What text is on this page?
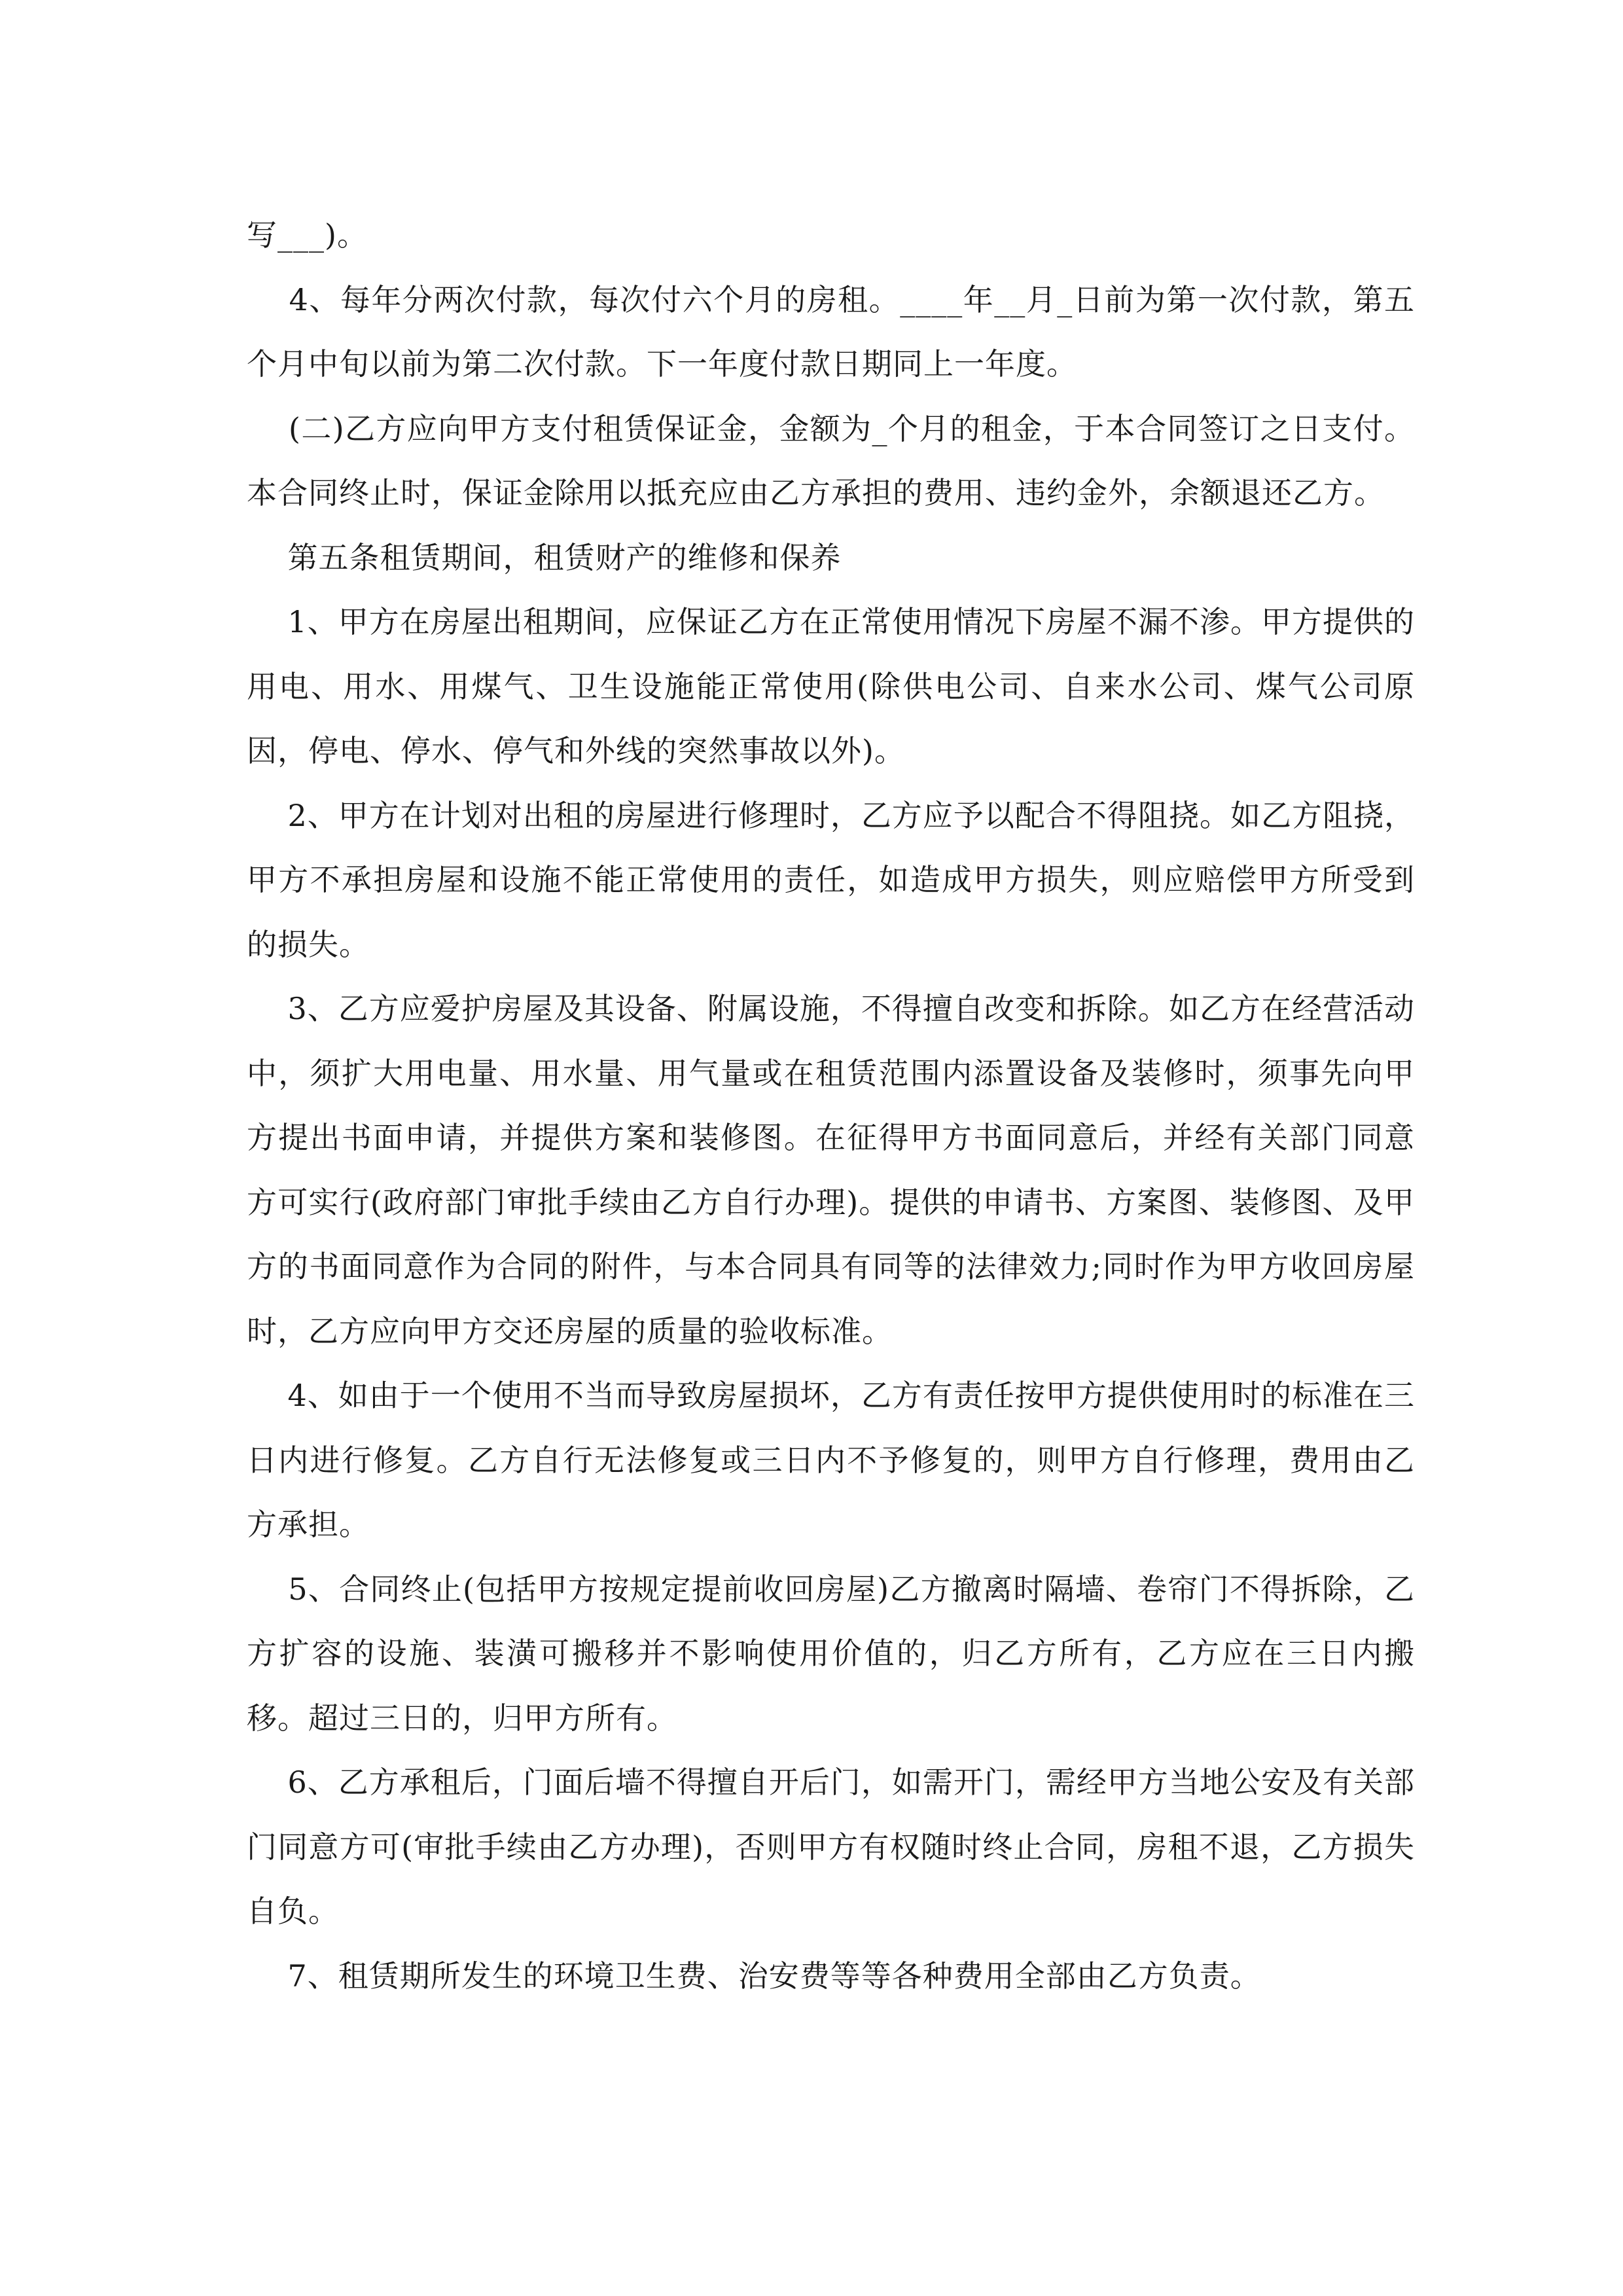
写___)。

4、每年分两次付款，每次付六个月的房租。____年__月_日前为第一次付款，第五个月中旬以前为第二次付款。下一年度付款日期同上一年度。

(二)乙方应向甲方支付租赁保证金，金额为_个月的租金，于本合同签订之日支付。本合同终止时，保证金除用以抵充应由乙方承担的费用、违约金外，余额退还乙方。

第五条租赁期间，租赁财产的维修和保养

1、甲方在房屋出租期间，应保证乙方在正常使用情况下房屋不漏不渗。甲方提供的用电、用水、用煤气、卫生设施能正常使用(除供电公司、自来水公司、煤气公司原因，停电、停水、停气和外线的突然事故以外)。

2、甲方在计划对出租的房屋进行修理时，乙方应予以配合不得阻挠。如乙方阻挠，甲方不承担房屋和设施不能正常使用的责任，如造成甲方损失，则应赔偿甲方所受到的损失。

3、乙方应爱护房屋及其设备、附属设施，不得擅自改变和拆除。如乙方在经营活动中，须扩大用电量、用水量、用气量或在租赁范围内添置设备及装修时，须事先向甲方提出书面申请，并提供方案和装修图。在征得甲方书面同意后，并经有关部门同意方可实行(政府部门审批手续由乙方自行办理)。提供的申请书、方案图、装修图、及甲方的书面同意作为合同的附件，与本合同具有同等的法律效力;同时作为甲方收回房屋时，乙方应向甲方交还房屋的质量的验收标准。

4、如由于一个使用不当而导致房屋损坏，乙方有责任按甲方提供使用时的标准在三日内进行修复。乙方自行无法修复或三日内不予修复的，则甲方自行修理，费用由乙方承担。

5、合同终止(包括甲方按规定提前收回房屋)乙方撤离时隔墙、卷帘门不得拆除，乙方扩容的设施、装潢可搬移并不影响使用价值的，归乙方所有，乙方应在三日内搬移。超过三日的，归甲方所有。

6、乙方承租后，门面后墙不得擅自开后门，如需开门，需经甲方当地公安及有关部门同意方可(审批手续由乙方办理)，否则甲方有权随时终止合同，房租不退，乙方损失自负。

7、租赁期所发生的环境卫生费、治安费等等各种费用全部由乙方负责。
